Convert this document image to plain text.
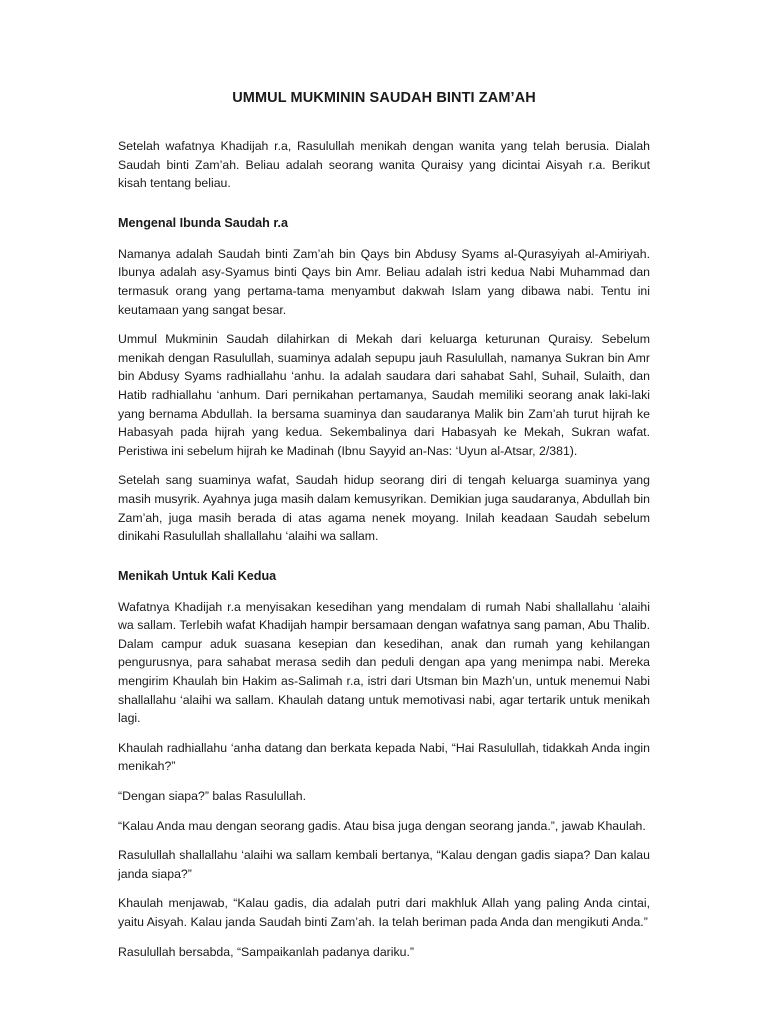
UMMUL MUKMININ SAUDAH BINTI ZAM’AH

Setelah wafatnya Khadijah r.a, Rasulullah menikah dengan wanita yang telah berusia. Dialah Saudah binti Zam’ah. Beliau adalah seorang wanita Quraisy yang dicintai Aisyah r.a. Berikut kisah tentang beliau.

Mengenal Ibunda Saudah r.a

Namanya adalah Saudah binti Zam’ah bin Qays bin Abdusy Syams al-Qurasyiyah al-Amiriyah. Ibunya adalah asy-Syamus binti Qays bin Amr. Beliau adalah istri kedua Nabi Muhammad dan termasuk orang yang pertama-tama menyambut dakwah Islam yang dibawa nabi. Tentu ini keutamaan yang sangat besar.

Ummul Mukminin Saudah dilahirkan di Mekah dari keluarga keturunan Quraisy. Sebelum menikah dengan Rasulullah, suaminya adalah sepupu jauh Rasulullah, namanya Sukran bin Amr bin Abdusy Syams radhiallahu ‘anhu. Ia adalah saudara dari sahabat Sahl, Suhail, Sulaith, dan Hatib radhiallahu ‘anhum. Dari pernikahan pertamanya, Saudah memiliki seorang anak laki-laki yang bernama Abdullah. Ia bersama suaminya dan saudaranya Malik bin Zam’ah turut hijrah ke Habasyah pada hijrah yang kedua. Sekembalinya dari Habasyah ke Mekah, Sukran wafat. Peristiwa ini sebelum hijrah ke Madinah (Ibnu Sayyid an-Nas: ‘Uyun al-Atsar, 2/381).

Setelah sang suaminya wafat, Saudah hidup seorang diri di tengah keluarga suaminya yang masih musyrik. Ayahnya juga masih dalam kemusyrikan. Demikian juga saudaranya, Abdullah bin Zam’ah, juga masih berada di atas agama nenek moyang. Inilah keadaan Saudah sebelum dinikahi Rasulullah shallallahu ‘alaihi wa sallam.

Menikah Untuk Kali Kedua

Wafatnya Khadijah r.a menyisakan kesedihan yang mendalam di rumah Nabi shallallahu ‘alaihi wa sallam. Terlebih wafat Khadijah hampir bersamaan dengan wafatnya sang paman, Abu Thalib. Dalam campur aduk suasana kesepian dan kesedihan, anak dan rumah yang kehilangan pengurusnya, para sahabat merasa sedih dan peduli dengan apa yang menimpa nabi. Mereka mengirim Khaulah bin Hakim as-Salimah r.a, istri dari Utsman bin Mazh’un, untuk menemui Nabi shallallahu ‘alaihi wa sallam. Khaulah datang untuk memotivasi nabi, agar tertarik untuk menikah lagi.

Khaulah radhiallahu ‘anha datang dan berkata kepada Nabi, “Hai Rasulullah, tidakkah Anda ingin menikah?”

“Dengan siapa?” balas Rasulullah.

“Kalau Anda mau dengan seorang gadis. Atau bisa juga dengan seorang janda.”, jawab Khaulah.

Rasulullah shallallahu ‘alaihi wa sallam kembali bertanya, “Kalau dengan gadis siapa? Dan kalau janda siapa?”

Khaulah menjawab, “Kalau gadis, dia adalah putri dari makhluk Allah yang paling Anda cintai, yaitu Aisyah. Kalau janda Saudah binti Zam’ah. Ia telah beriman pada Anda dan mengikuti Anda.”

Rasulullah bersabda, “Sampaikanlah padanya dariku.”
